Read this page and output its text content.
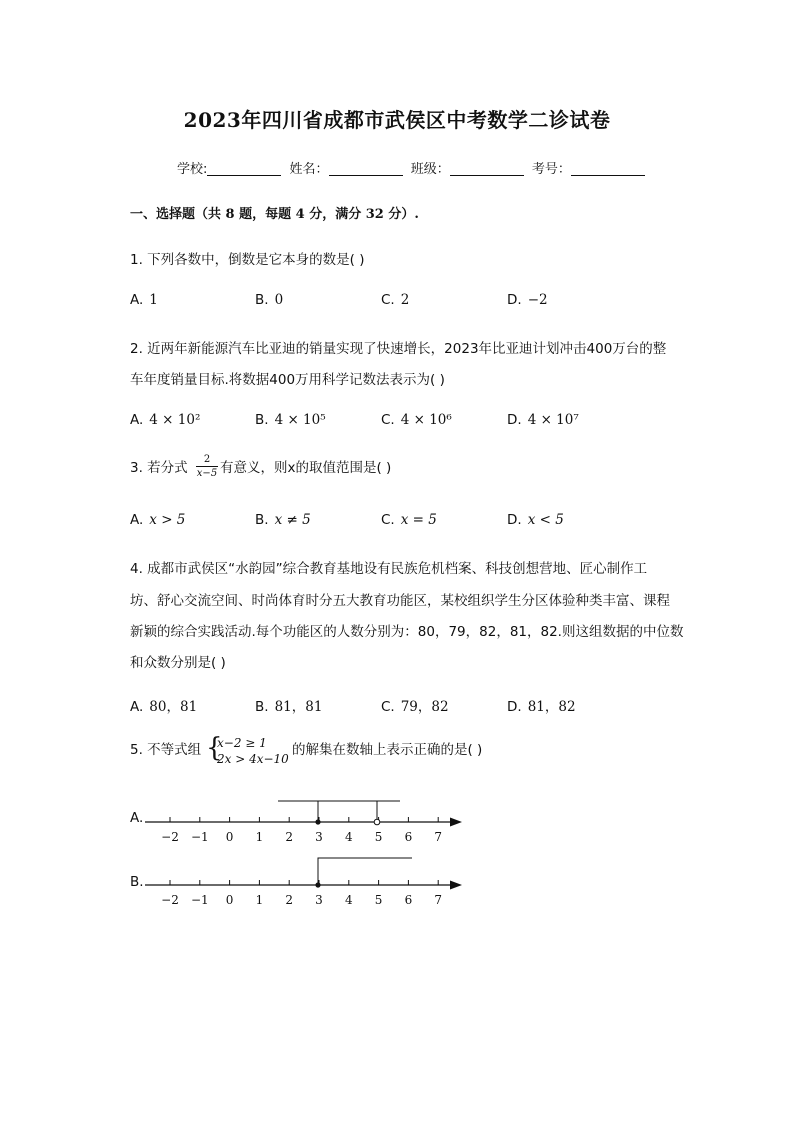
2023年四川省成都市武侯区中考数学二诊试卷
学校:	姓名：	班级：	考号：
一、选择题（共 8 题，每题 4 分，满分 32 分）.
1. 下列各数中，倒数是它本身的数是( )
A. 1	B. 0	C. 2	D. −2
2. 近两年新能源汽车比亚迪的销量实现了快速增长，2023年比亚迪计划冲击400万台的整
车年度销量目标.将数据400万用科学记数法表示为( )
A. 4 × 10²	B. 4 × 10⁵	C. 4 × 10⁶	D. 4 × 10⁷
3. 若分式
2
x−5 有意义，则x的取值范围是( )
A. x > 5	B. x ≠ 5	C. x = 5	D. x < 5
4. 成都市武侯区“水韵园”综合教育基地设有民族危机档案、科技创想营地、匠心制作工
坊、舒心交流空间、时尚体育时分五大教育功能区，某校组织学生分区体验种类丰富、课程
新颖的综合实践活动.每个功能区的人数分别为：80，79，82，81，82.则这组数据的中位数
和众数分别是( )
A. 80，81	B. 81，81	C. 79，82	D. 81，82
5. 不等式组 {
x−2 ≥ 1
2x > 4x−10
的解集在数轴上表示正确的是( )
A.
B.
−2 −1 0 1 2 3 4 5 6 7
−2 −1 0 1 2 3 4 5 6 7
